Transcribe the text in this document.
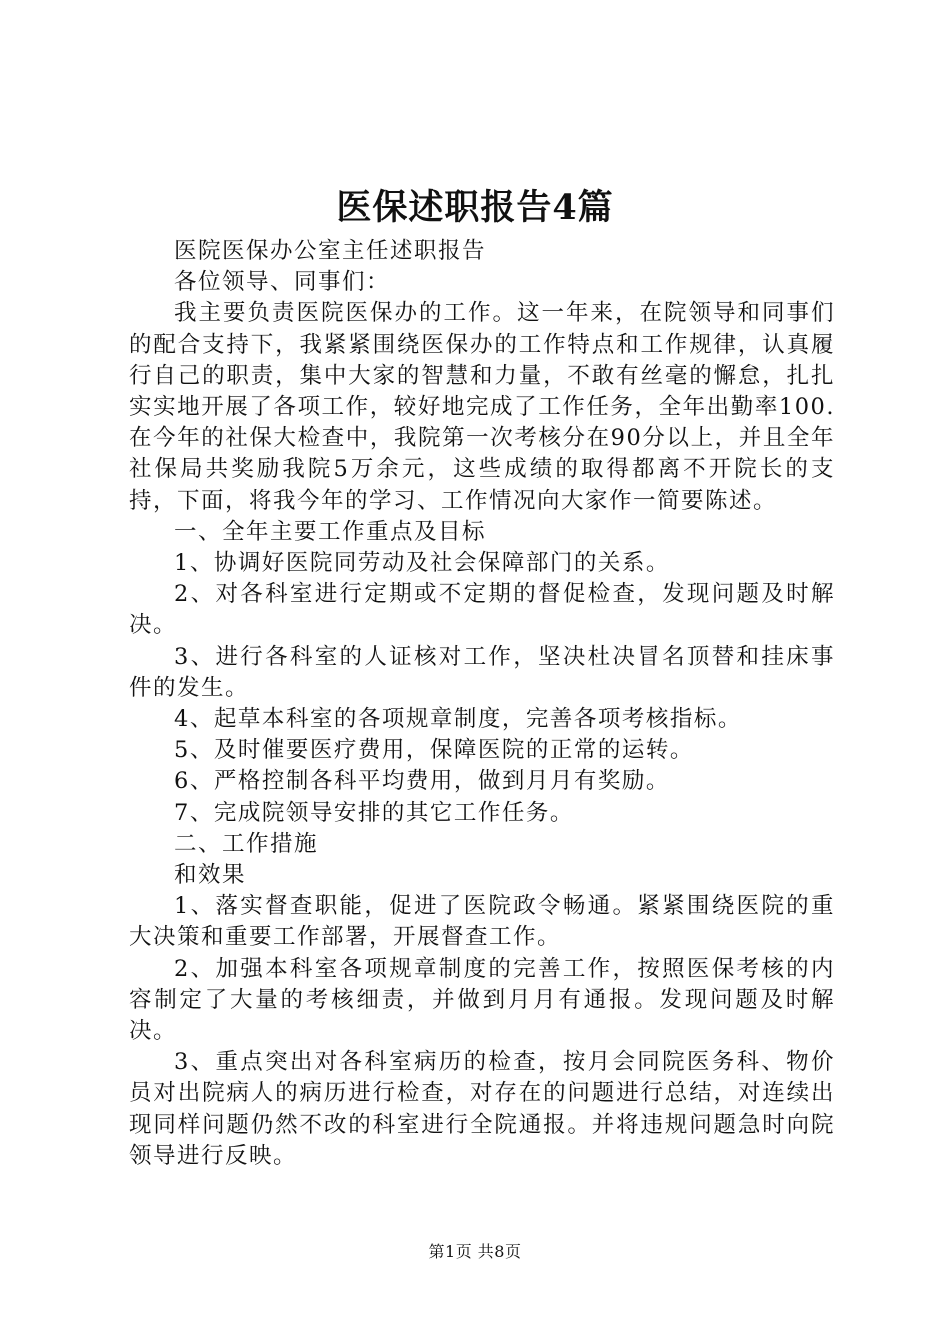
医保述职报告4篇

医院医保办公室主任述职报告

各位领导、同事们：

我主要负责医院医保办的工作。这一年来，在院领导和同事们的配合支持下，我紧紧围绕医保办的工作特点和工作规律，认真履行自己的职责，集中大家的智慧和力量，不敢有丝毫的懈怠，扎扎实实地开展了各项工作，较好地完成了工作任务，全年出勤率100.在今年的社保大检查中，我院第一次考核分在90分以上，并且全年社保局共奖励我院5万余元，这些成绩的取得都离不开院长的支持，下面，将我今年的学习、工作情况向大家作一简要陈述。

一、全年主要工作重点及目标

1、协调好医院同劳动及社会保障部门的关系。

2、对各科室进行定期或不定期的督促检查，发现问题及时解决。

3、进行各科室的人证核对工作，坚决杜决冒名顶替和挂床事件的发生。

4、起草本科室的各项规章制度，完善各项考核指标。

5、及时催要医疗费用，保障医院的正常的运转。

6、严格控制各科平均费用，做到月月有奖励。

7、完成院领导安排的其它工作任务。

二、工作措施

和效果

1、落实督查职能，促进了医院政令畅通。紧紧围绕医院的重大决策和重要工作部署，开展督查工作。

2、加强本科室各项规章制度的完善工作，按照医保考核的内容制定了大量的考核细责，并做到月月有通报。发现问题及时解决。

3、重点突出对各科室病历的检查，按月会同院医务科、物价员对出院病人的病历进行检查，对存在的问题进行总结，对连续出现同样问题仍然不改的科室进行全院通报。并将违规问题急时向院领导进行反映。

第1页 共8页
